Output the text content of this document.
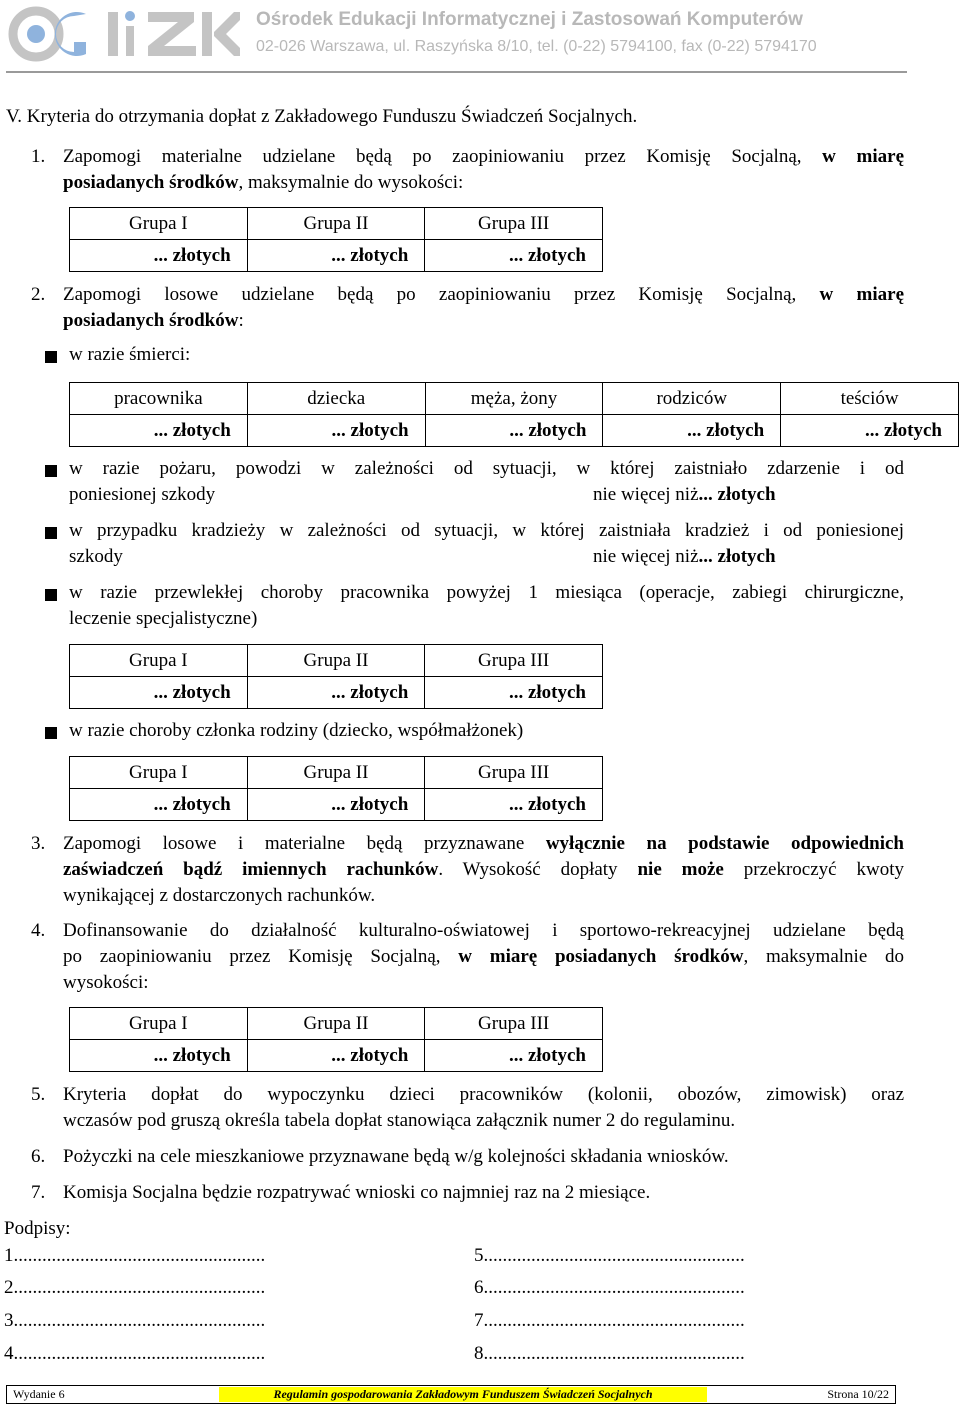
Ośrodek Edukacji Informatycznej i Zastosowań Komputerów
02-026 Warszawa, ul. Raszyńska 8/10, tel. (0-22) 5794100, fax (0-22) 5794170
V. Kryteria do otrzymania dopłat z Zakładowego Funduszu Świadczeń Socjalnych.
1. Zapomogi materialne udzielane będą po zaopiniowaniu przez Komisję Socjalną, w miarę
posiadanych środków, maksymalnie do wysokości:
Grupa I	Grupa II	Grupa III
... złotych	... złotych	... złotych
2. Zapomogi losowe udzielane będą po zaopiniowaniu przez Komisję Socjalną, w miarę
posiadanych środków:
w razie śmierci:
pracownika	dziecka	męża, żony	rodziców	teściów
... złotych	... złotych	... złotych	... złotych	... złotych
w razie pożaru, powodzi w zależności od sytuacji, w której zaistniało zdarzenie i od
poniesionej szkody	nie więcej niż... złotych
w przypadku kradzieży w zależności od sytuacji, w której zaistniała kradzież i od poniesionej
szkody	nie więcej niż... złotych
w razie przewlekłej choroby pracownika powyżej 1 miesiąca (operacje, zabiegi chirurgiczne,
leczenie specjalistyczne)
Grupa I	Grupa II	Grupa III
... złotych	... złotych	... złotych
w razie choroby członka rodziny (dziecko, współmałżonek)
Grupa I	Grupa II	Grupa III
... złotych	... złotych	... złotych
3. Zapomogi losowe i materialne będą przyznawane wyłącznie na podstawie odpowiednich
zaświadczeń bądź imiennych rachunków. Wysokość dopłaty nie może przekroczyć kwoty
wynikającej z dostarczonych rachunków.
4. Dofinansowanie do działalność kulturalno-oświatowej i sportowo-rekreacyjnej udzielane będą
po zaopiniowaniu przez Komisję Socjalną, w miarę posiadanych środków, maksymalnie do
wysokości:
Grupa I	Grupa II	Grupa III
... złotych	... złotych	... złotych
5. Kryteria dopłat do wypoczynku dzieci pracowników (kolonii, obozów, zimowisk) oraz
wczasów pod gruszą określa tabela dopłat stanowiąca załącznik numer 2 do regulaminu.
6. Pożyczki na cele mieszkaniowe przyznawane będą w/g kolejności składania wniosków.
7. Komisja Socjalna będzie rozpatrywać wnioski co najmniej raz na 2 miesiące.
Podpisy:
1.....................................................
2.....................................................
3.....................................................
4.....................................................
5.......................................................
6.......................................................
7.......................................................
8.......................................................
Wydanie 6	Regulamin gospodarowania Zakładowym Funduszem Świadczeń Socjalnych	Strona 10/22
